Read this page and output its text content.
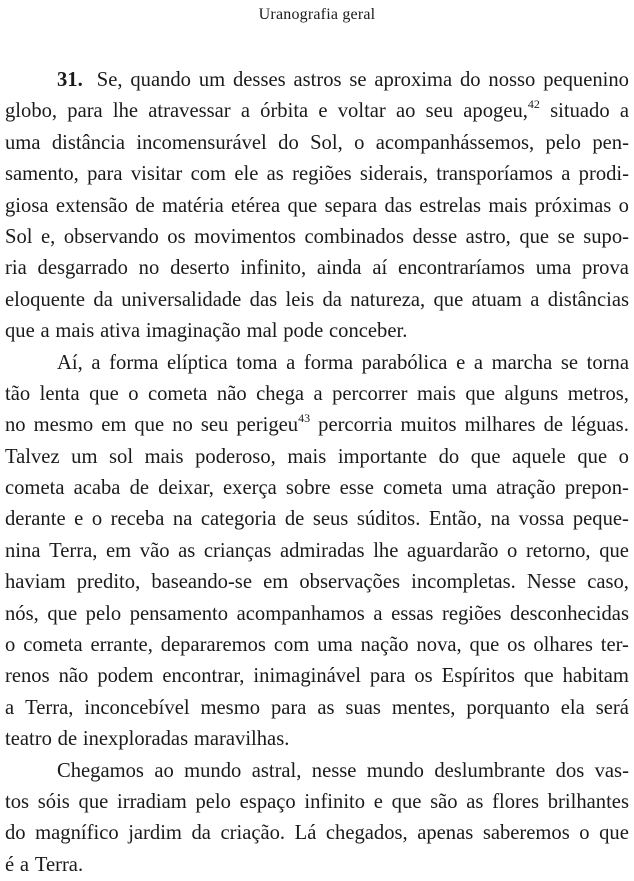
Uranografia geral
31. Se, quando um desses astros se aproxima do nosso pequenino
globo, para lhe atravessar a órbita e voltar ao seu apogeu,$^{42}$ situado a
uma distância incomensurável do Sol, o acompanhássemos, pelo pen-
samento, para visitar com ele as regiões siderais, transporíamos a prodi-
giosa extensão de matéria etérea que separa das estrelas mais próximas o
Sol e, observando os movimentos combinados desse astro, que se supo-
ria desgarrado no deserto infinito, ainda aí encontraríamos uma prova
eloquente da universalidade das leis da natureza, que atuam a distâncias
que a mais ativa imaginação mal pode conceber.
Aí, a forma elíptica toma a forma parabólica e a marcha se torna
tão lenta que o cometa não chega a percorrer mais que alguns metros,
no mesmo em que no seu perigeu$^{43}$ percorria muitos milhares de léguas.
Talvez um sol mais poderoso, mais importante do que aquele que o
cometa acaba de deixar, exerça sobre esse cometa uma atração prepon-
derante e o receba na categoria de seus súditos. Então, na vossa peque-
nina Terra, em vão as crianças admiradas lhe aguardarão o retorno, que
haviam predito, baseando-se em observações incompletas. Nesse caso,
nós, que pelo pensamento acompanhamos a essas regiões desconhecidas
o cometa errante, depararemos com uma nação nova, que os olhares ter-
renos não podem encontrar, inimaginável para os Espíritos que habitam
a Terra, inconcebível mesmo para as suas mentes, porquanto ela será
teatro de inexploradas maravilhas.
Chegamos ao mundo astral, nesse mundo deslumbrante dos vas-
tos sóis que irradiam pelo espaço infinito e que são as flores brilhantes
do magnífico jardim da criação. Lá chegados, apenas saberemos o que
é a Terra.
